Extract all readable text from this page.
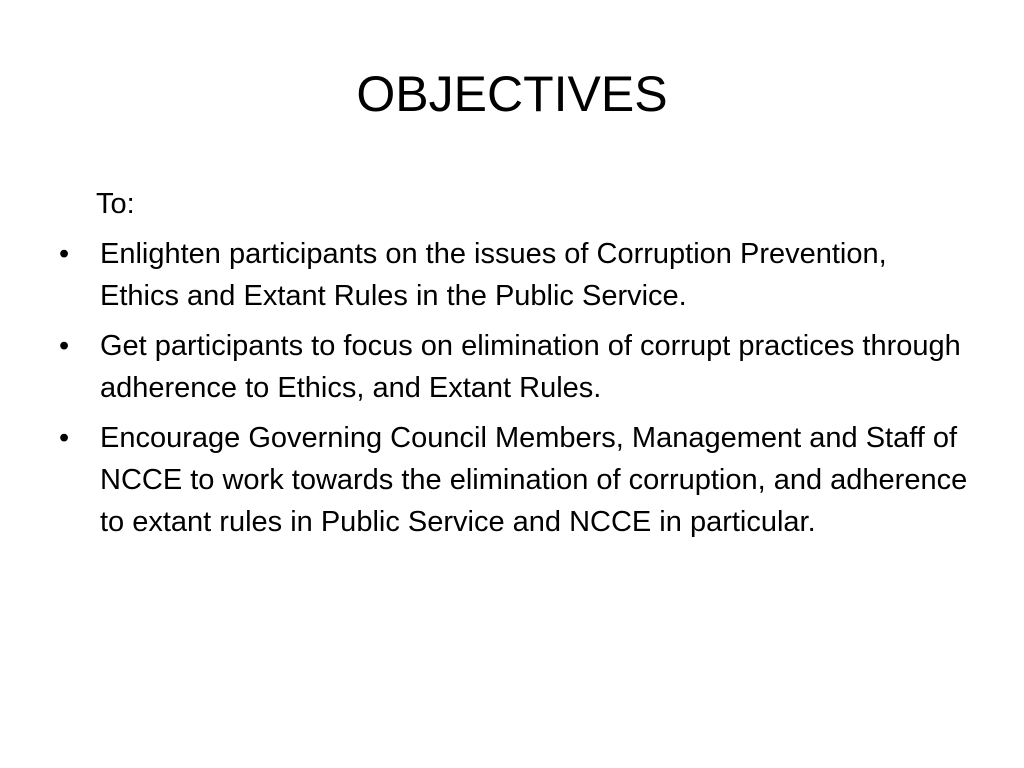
OBJECTIVES
To:
•	Enlighten participants on the issues of Corruption Prevention, Ethics and Extant Rules in the Public Service.
•	Get participants to focus on elimination of corrupt practices through adherence to Ethics, and Extant Rules.
•	Encourage Governing Council Members, Management and Staff of NCCE to work towards the elimination of corruption, and adherence to extant rules in Public Service and NCCE in particular.
